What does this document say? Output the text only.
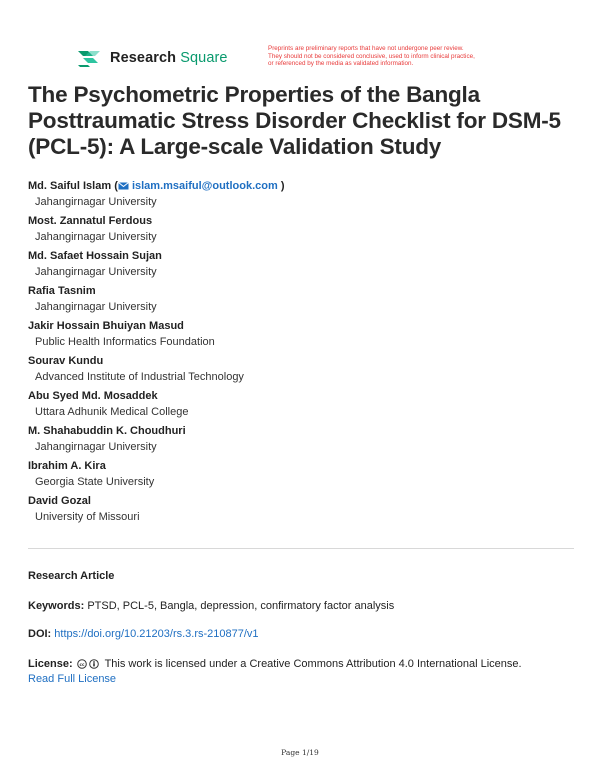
Research Square
Preprints are preliminary reports that have not undergone peer review.
They should not be considered conclusive, used to inform clinical practice,
or referenced by the media as validated information.
The Psychometric Properties of the Bangla Posttraumatic Stress Disorder Checklist for DSM-5 (PCL-5): A Large-scale Validation Study
Md. Saiful Islam ( islam.msaiful@outlook.com )
Jahangirnagar University
Most. Zannatul Ferdous
Jahangirnagar University
Md. Safaet Hossain Sujan
Jahangirnagar University
Rafia Tasnim
Jahangirnagar University
Jakir Hossain Bhuiyan Masud
Public Health Informatics Foundation
Sourav Kundu
Advanced Institute of Industrial Technology
Abu Syed Md. Mosaddek
Uttara Adhunik Medical College
M. Shahabuddin K. Choudhuri
Jahangirnagar University
Ibrahim A. Kira
Georgia State University
David Gozal
University of Missouri
Research Article
Keywords: PTSD, PCL-5, Bangla, depression, confirmatory factor analysis
DOI: https://doi.org/10.21203/rs.3.rs-210877/v1
License: cc This work is licensed under a Creative Commons Attribution 4.0 International License.
Read Full License
Page 1/19
